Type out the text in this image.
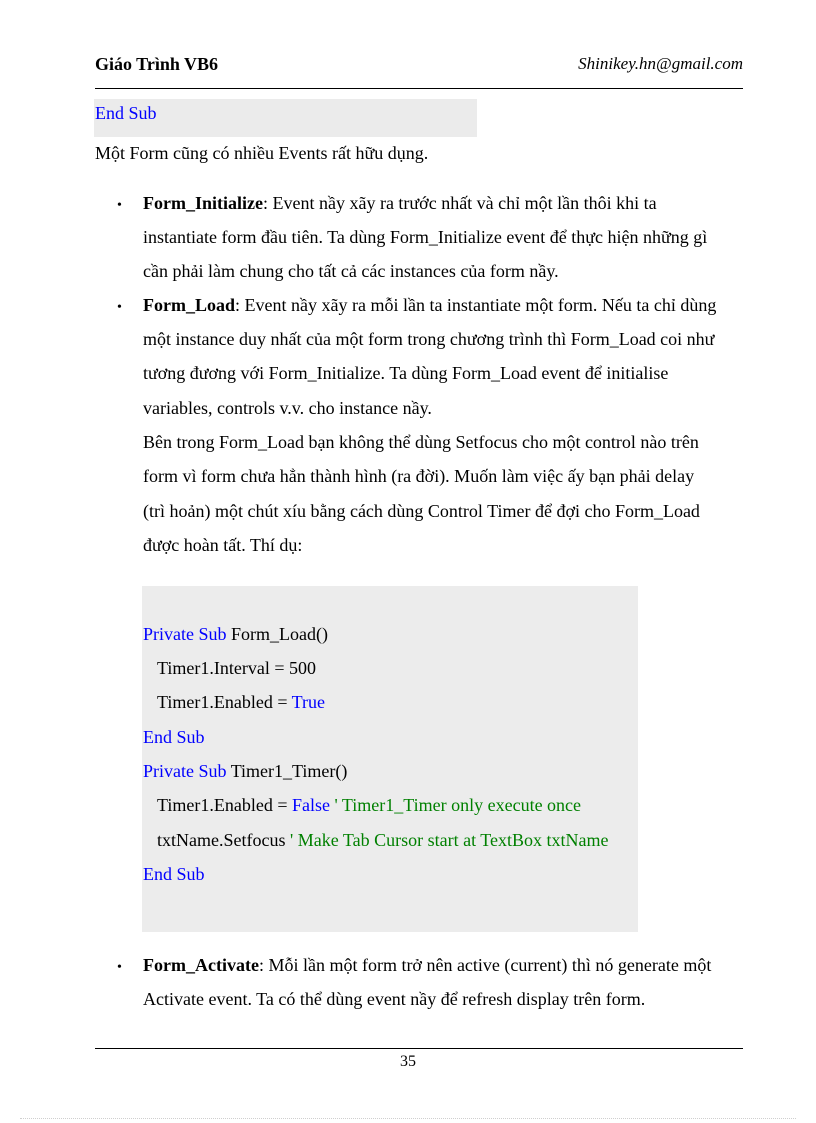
Giáo Trình VB6	Shinikey.hn@gmail.com
End Sub
Một Form cũng có nhiều Events rất hữu dụng.
• Form_Initialize: Event nầy xãy ra trước nhất và chỉ một lần thôi khi ta
instantiate form đầu tiên. Ta dùng Form_Initialize event để thực hiện những gì
cần phải làm chung cho tất cả các instances của form nầy.
• Form_Load: Event nầy xãy ra mỗi lần ta instantiate một form. Nếu ta chỉ dùng
một instance duy nhất của một form trong chương trình thì Form_Load coi như
tương đương với Form_Initialize. Ta dùng Form_Load event để initialise
variables, controls v.v. cho instance nầy.
Bên trong Form_Load bạn không thể dùng Setfocus cho một control nào trên
form vì form chưa hẳn thành hình (ra đời). Muốn làm việc ấy bạn phải delay
(trì hoản) một chút xíu bằng cách dùng Control Timer để đợi cho Form_Load
được hoàn tất. Thí dụ:
Private Sub Form_Load()
Timer1.Interval = 500
Timer1.Enabled = True
End Sub
Private Sub Timer1_Timer()
Timer1.Enabled = False ' Timer1_Timer only execute once
txtName.Setfocus ' Make Tab Cursor start at TextBox txtName
End Sub
• Form_Activate: Mỗi lần một form trở nên active (current) thì nó generate một
Activate event. Ta có thể dùng event nầy để refresh display trên form.
35
